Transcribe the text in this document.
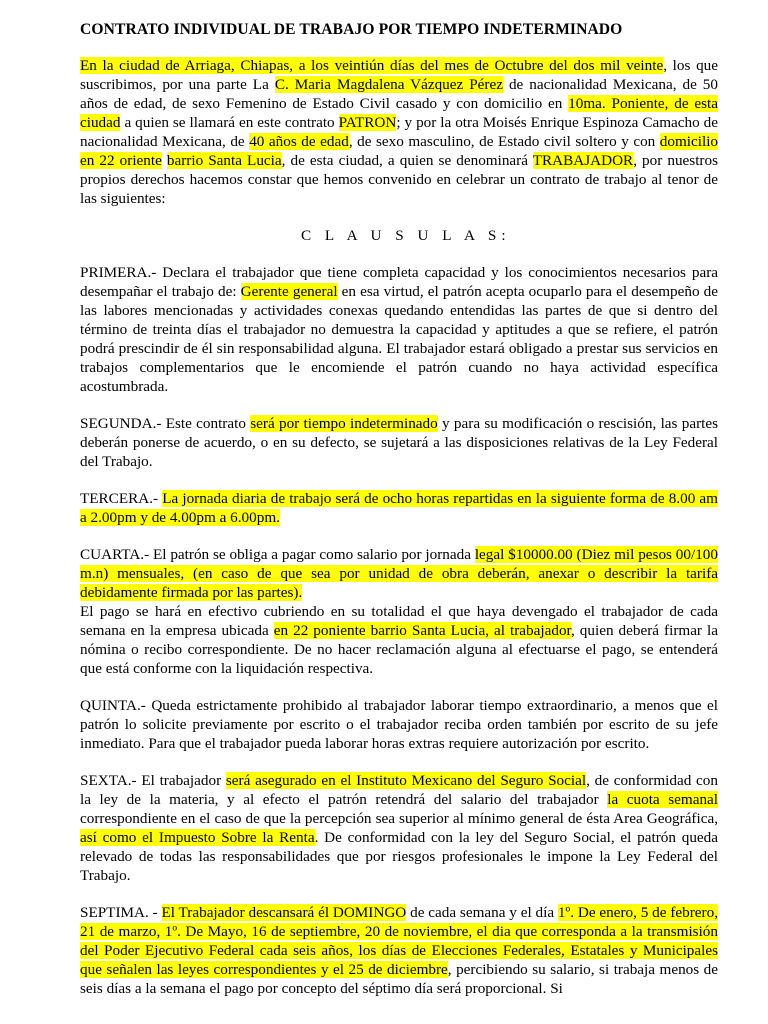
CONTRATO INDIVIDUAL DE TRABAJO POR TIEMPO INDETERMINADO

En la ciudad de Arriaga, Chiapas, a los veintiún días del mes de Octubre del dos mil veinte, los que suscribimos, por una parte La C. Maria Magdalena Vázquez Pérez de nacionalidad Mexicana, de 50 años de edad, de sexo Femenino de Estado Civil casado y con domicilio en 10ma. Poniente, de esta ciudad a quien se llamará en este contrato PATRON; y por la otra Moisés Enrique Espinoza Camacho de nacionalidad Mexicana, de 40 años de edad, de sexo masculino, de Estado civil soltero y con domicilio en 22 oriente barrio Santa Lucia, de esta ciudad, a quien se denominará TRABAJADOR, por nuestros propios derechos hacemos constar que hemos convenido en celebrar un contrato de trabajo al tenor de las siguientes:

C L A U S U L A S:

PRIMERA.- Declara el trabajador que tiene completa capacidad y los conocimientos necesarios para desempañar el trabajo de: Gerente general en esa virtud, el patrón acepta ocuparlo para el desempeño de las labores mencionadas y actividades conexas quedando entendidas las partes de que si dentro del término de treinta días el trabajador no demuestra la capacidad y aptitudes a que se refiere, el patrón podrá prescindir de él sin responsabilidad alguna. El trabajador estará obligado a prestar sus servicios en trabajos complementarios que le encomiende el patrón cuando no haya actividad específica acostumbrada.

SEGUNDA.- Este contrato será por tiempo indeterminado y para su modificación o rescisión, las partes deberán ponerse de acuerdo, o en su defecto, se sujetará a las disposiciones relativas de la Ley Federal del Trabajo.

TERCERA.- La jornada diaria de trabajo será de ocho horas repartidas en la siguiente forma de 8.00 am a 2.00pm y de 4.00pm a 6.00pm.

CUARTA.- El patrón se obliga a pagar como salario por jornada legal $10000.00 (Diez mil pesos 00/100 m.n) mensuales, (en caso de que sea por unidad de obra deberán, anexar o describir la tarifa debidamente firmada por las partes).

El pago se hará en efectivo cubriendo en su totalidad el que haya devengado el trabajador de cada semana en la empresa ubicada en 22 poniente barrio Santa Lucia, al trabajador, quien deberá firmar la nómina o recibo correspondiente. De no hacer reclamación alguna al efectuarse el pago, se entenderá que está conforme con la liquidación respectiva.

QUINTA.- Queda estrictamente prohibido al trabajador laborar tiempo extraordinario, a menos que el patrón lo solicite previamente por escrito o el trabajador reciba orden también por escrito de su jefe inmediato. Para que el trabajador pueda laborar horas extras requiere autorización por escrito.

SEXTA.- El trabajador será asegurado en el Instituto Mexicano del Seguro Social, de conformidad con la ley de la materia, y al efecto el patrón retendrá del salario del trabajador la cuota semanal correspondiente en el caso de que la percepción sea superior al mínimo general de ésta Area Geográfica, así como el Impuesto Sobre la Renta. De conformidad con la ley del Seguro Social, el patrón queda relevado de todas las responsabilidades que por riesgos profesionales le impone la Ley Federal del Trabajo.

SEPTIMA. - El Trabajador descansará él DOMINGO de cada semana y el día 1º. De enero, 5 de febrero, 21 de marzo, 1º. De Mayo, 16 de septiembre, 20 de noviembre, el dia que corresponda a la transmisión del Poder Ejecutivo Federal cada seis años, los días de Elecciones Federales, Estatales y Municipales que señalen las leyes correspondientes y el 25 de diciembre, percibiendo su salario, si trabaja menos de seis días a la semana el pago por concepto del séptimo día será proporcional. Si
